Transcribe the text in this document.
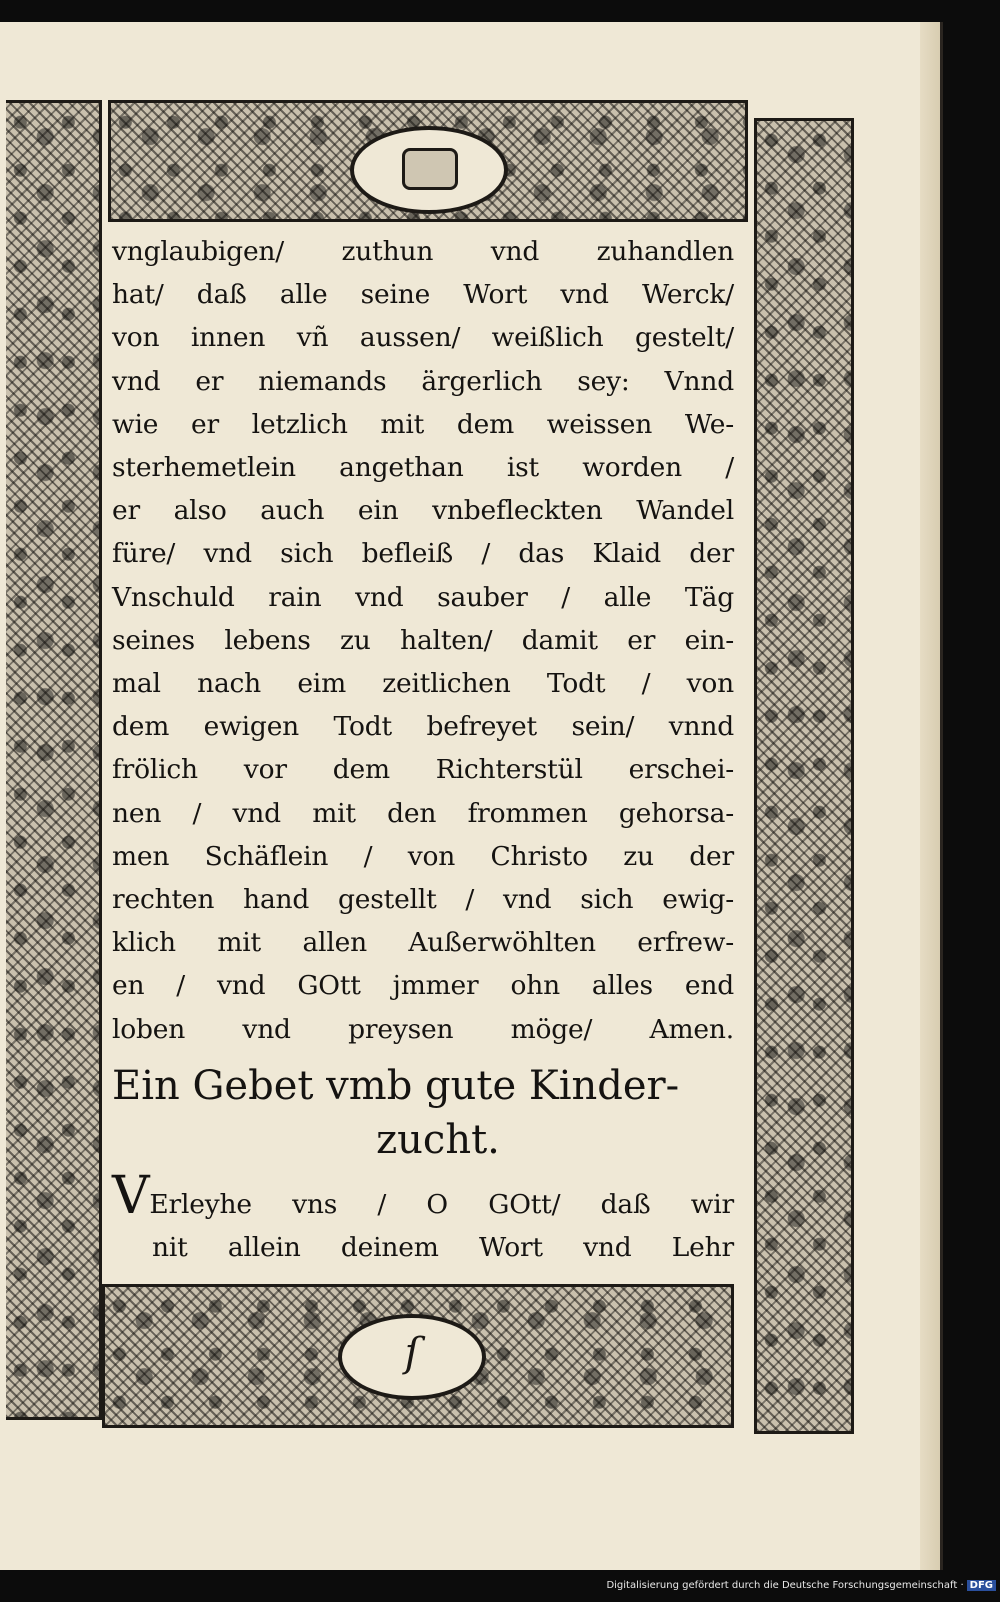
ſ
vnglaubigen/ zuthun vnd zuhandlen
hat/ daß alle seine Wort vnd Werck/
von innen vñ aussen/ weißlich gestelt/
vnd er niemands ärgerlich sey: Vnnd
wie er letzlich mit dem weissen We-
sterhemetlein angethan ist worden /
er also auch ein vnbefleckten Wandel
füre/ vnd sich befleiß / das Klaid der
Vnschuld rain vnd sauber / alle Täg
seines lebens zu halten/ damit er ein-
mal nach eim zeitlichen Todt / von
dem ewigen Todt befreyet sein/ vnnd
frölich vor dem Richterstül erschei-
nen / vnd mit den frommen gehorsa-
men Schäflein / von Christo zu der
rechten hand gestellt / vnd sich ewig-
klich mit allen Außerwöhlten erfrew-
en / vnd GOtt jmmer ohn alles end
loben vnd preysen möge/ Amen.
Ein Gebet vmb gute Kinder-
zucht.
VErleyhe vns / O GOtt/ daß wir
nit allein deinem Wort vnd Lehr
Digitalisierung gefördert durch die Deutsche Forschungsgemeinschaft · DFG
